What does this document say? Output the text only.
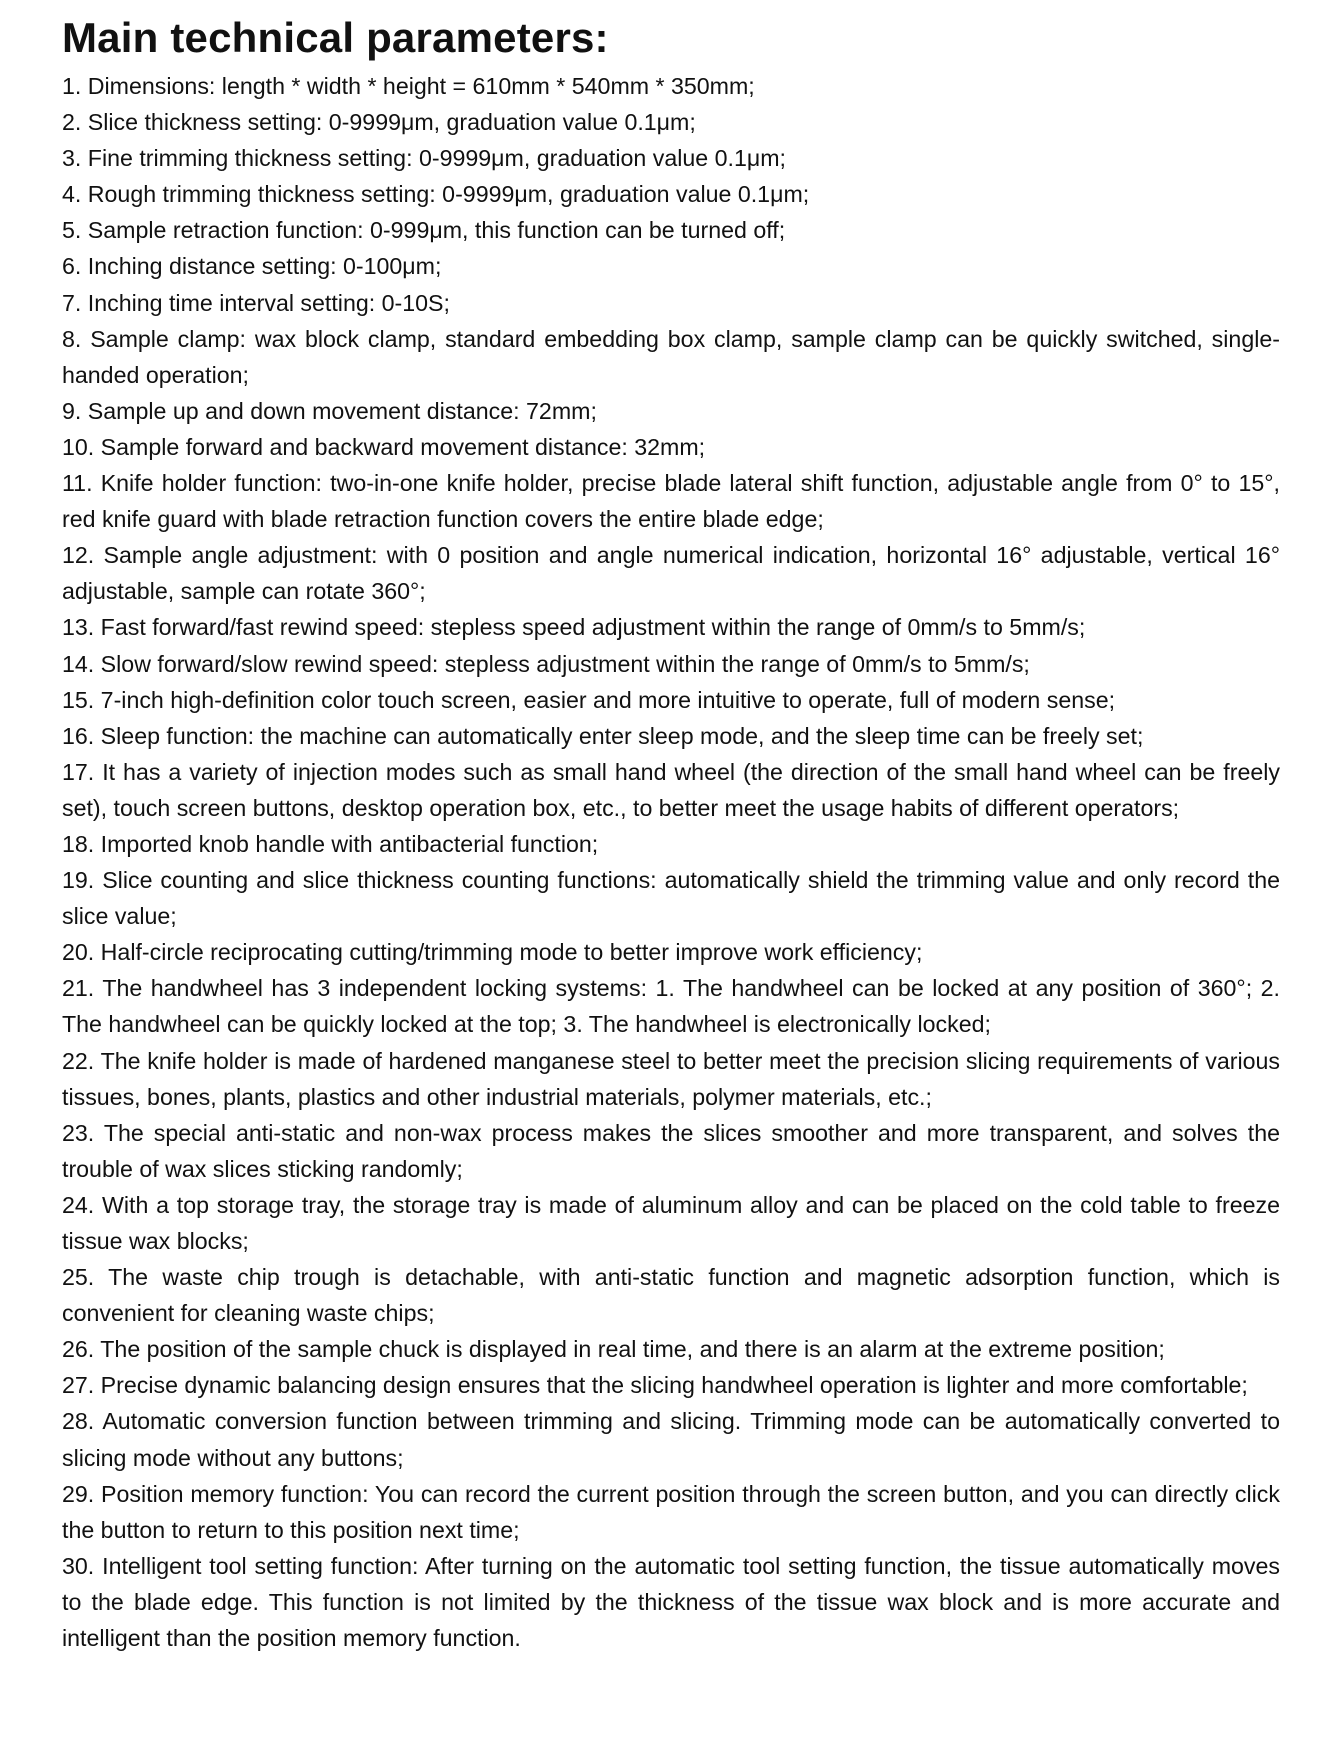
Main technical parameters:
1. Dimensions: length * width * height = 610mm * 540mm * 350mm;
2. Slice thickness setting: 0-9999μm, graduation value 0.1μm;
3. Fine trimming thickness setting: 0-9999μm, graduation value 0.1μm;
4. Rough trimming thickness setting: 0-9999μm, graduation value 0.1μm;
5. Sample retraction function: 0-999μm, this function can be turned off;
6. Inching distance setting: 0-100μm;
7. Inching time interval setting: 0-10S;
8. Sample clamp: wax block clamp, standard embedding box clamp, sample clamp can be quickly switched, single-handed operation;
9. Sample up and down movement distance: 72mm;
10. Sample forward and backward movement distance: 32mm;
11. Knife holder function: two-in-one knife holder, precise blade lateral shift function, adjustable angle from 0° to 15°, red knife guard with blade retraction function covers the entire blade edge;
12. Sample angle adjustment: with 0 position and angle numerical indication, horizontal 16° adjustable, vertical 16° adjustable, sample can rotate 360°;
13. Fast forward/fast rewind speed: stepless speed adjustment within the range of 0mm/s to 5mm/s;
14. Slow forward/slow rewind speed: stepless adjustment within the range of 0mm/s to 5mm/s;
15. 7-inch high-definition color touch screen, easier and more intuitive to operate, full of modern sense;
16. Sleep function: the machine can automatically enter sleep mode, and the sleep time can be freely set;
17. It has a variety of injection modes such as small hand wheel (the direction of the small hand wheel can be freely set), touch screen buttons, desktop operation box, etc., to better meet the usage habits of different operators;
18. Imported knob handle with antibacterial function;
19. Slice counting and slice thickness counting functions: automatically shield the trimming value and only record the slice value;
20. Half-circle reciprocating cutting/trimming mode to better improve work efficiency;
21. The handwheel has 3 independent locking systems: 1. The handwheel can be locked at any position of 360°; 2. The handwheel can be quickly locked at the top; 3. The handwheel is electronically locked;
22. The knife holder is made of hardened manganese steel to better meet the precision slicing requirements of various tissues, bones, plants, plastics and other industrial materials, polymer materials, etc.;
23. The special anti-static and non-wax process makes the slices smoother and more transparent, and solves the trouble of wax slices sticking randomly;
24. With a top storage tray, the storage tray is made of aluminum alloy and can be placed on the cold table to freeze tissue wax blocks;
25. The waste chip trough is detachable, with anti-static function and magnetic adsorption function, which is convenient for cleaning waste chips;
26. The position of the sample chuck is displayed in real time, and there is an alarm at the extreme position;
27. Precise dynamic balancing design ensures that the slicing handwheel operation is lighter and more comfortable;
28. Automatic conversion function between trimming and slicing. Trimming mode can be automatically converted to slicing mode without any buttons;
29. Position memory function: You can record the current position through the screen button, and you can directly click the button to return to this position next time;
30. Intelligent tool setting function: After turning on the automatic tool setting function, the tissue automatically moves to the blade edge. This function is not limited by the thickness of the tissue wax block and is more accurate and intelligent than the position memory function.
